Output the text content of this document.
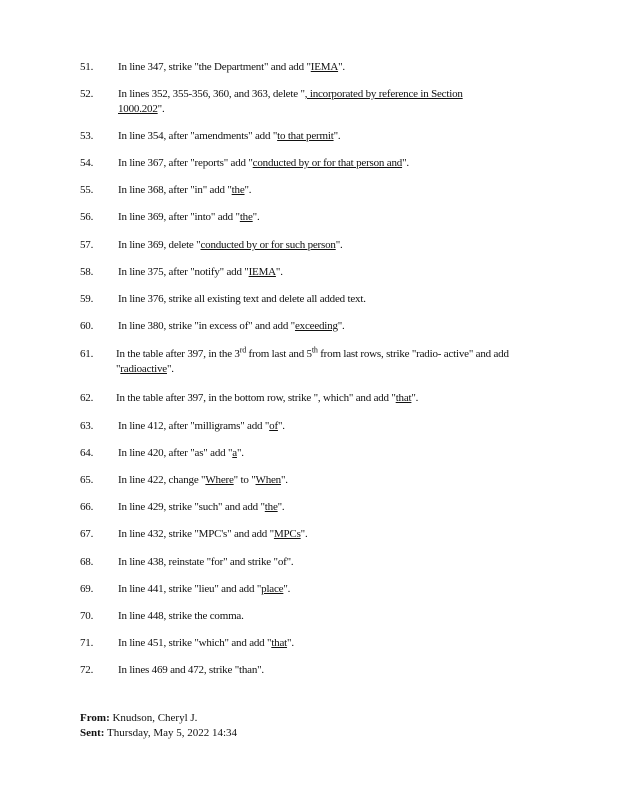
51. In line 347, strike "the Department" and add "IEMA".
52. In lines 352, 355-356, 360, and 363, delete ", incorporated by reference in Section 1000.202".
53. In line 354, after "amendments" add "to that permit".
54. In line 367, after "reports" add "conducted by or for that person and".
55. In line 368, after "in" add "the".
56. In line 369, after "into" add "the".
57. In line 369, delete "conducted by or for such person".
58. In line 375, after "notify" add "IEMA".
59. In line 376, strike all existing text and delete all added text.
60. In line 380, strike "in excess of" and add "exceeding".
61. In the table after 397, in the 3rd from last and 5th from last rows, strike "radio- active" and add "radioactive".
62. In the table after 397, in the bottom row, strike ", which" and add "that".
63. In line 412, after "milligrams" add "of".
64. In line 420, after "as" add "a".
65. In line 422, change "Where" to "When".
66. In line 429, strike "such" and add "the".
67. In line 432, strike "MPC's" and add "MPCs".
68. In line 438, reinstate "for" and strike "of".
69. In line 441, strike "lieu" and add "place".
70. In line 448, strike the comma.
71. In line 451, strike "which" and add "that".
72. In lines 469 and 472, strike "than".
From: Knudson, Cheryl J.
Sent: Thursday, May 5, 2022 14:34
